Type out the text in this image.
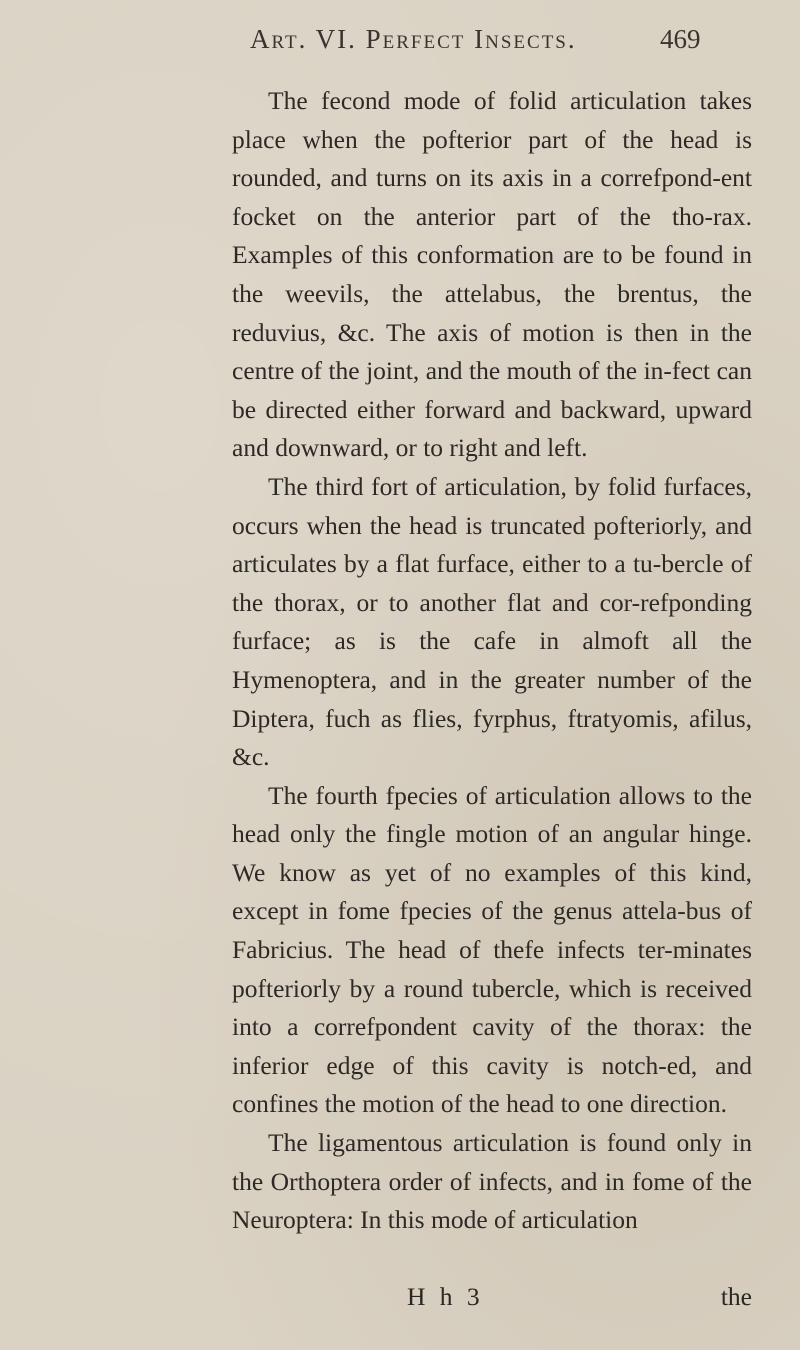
Art. VI. Perfect Insects.	469

The fecond mode of folid articulation takes place when the pofterior part of the head is rounded, and turns on its axis in a correfpond-ent focket on the anterior part of the tho-rax. Examples of this conformation are to be found in the weevils, the attelabus, the brentus, the reduvius, &c. The axis of motion is then in the centre of the joint, and the mouth of the in-fect can be directed either forward and backward, upward and downward, or to right and left.

The third fort of articulation, by folid furfaces, occurs when the head is truncated pofteriorly, and articulates by a flat furface, either to a tu-bercle of the thorax, or to another flat and cor-refponding furface; as is the cafe in almoft all the Hymenoptera, and in the greater number of the Diptera, fuch as flies, fyrphus, ftratyomis, afilus, &c.

The fourth fpecies of articulation allows to the head only the fingle motion of an angular hinge. We know as yet of no examples of this kind, except in fome fpecies of the genus attela-bus of Fabricius. The head of thefe infects ter-minates pofteriorly by a round tubercle, which is received into a correfpondent cavity of the thorax: the inferior edge of this cavity is notch-ed, and confines the motion of the head to one direction.

The ligamentous articulation is found only in the Orthoptera order of infects, and in fome of the Neuroptera: In this mode of articulation

H h 3	the
